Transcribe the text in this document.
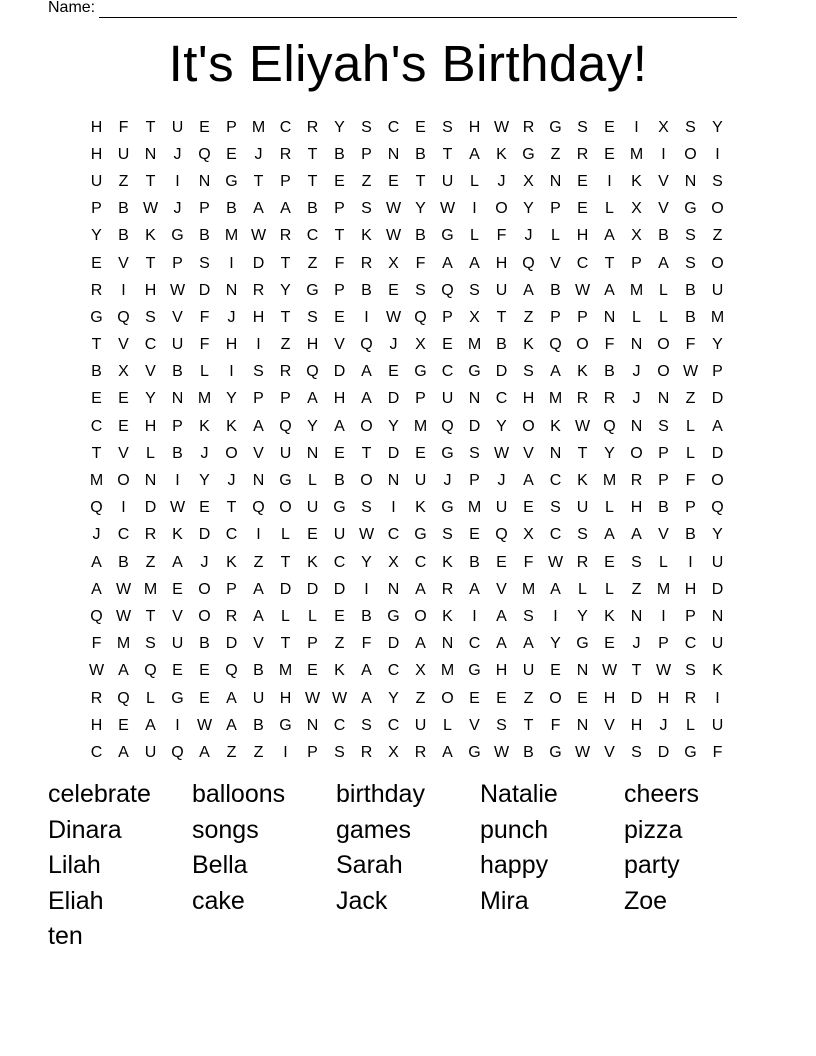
Name:
It's Eliyah's Birthday!
H	F	T	U E	P M C R Y	S C E	S H W R G S	E	I	X	S	Y
H U N	J	Q E	J	R	T	B	P N B	T	A	K G Z	R E M	I	O	I
U	Z	T	I	N G T	P	T	E	Z	E	T	U	L	J	X N E	I	K	V N S
P	B W J	P	B	A	A	B	P	S W Y W	I	O Y	P	E	L	X	V G O
Y	B	K G B M W R C	T	K W B G	L	F	J	L	H A	X	B	S	Z
E	V	T	P	S	I	D	T	Z	F	R X	F	A	A H Q V C	T	P	A	S O
R	I	H W D N R Y G P	B	E	S Q S U A	B W A M L	B U
G Q S	V	F	J	H	T	S	E	I	W Q P	X	T	Z	P	P N	L	L	B M
T	V C U	F	H	I	Z	H V Q	J	X	E M B	K Q O F	N O F	Y
B	X	V	B	L	I	S R Q D A	E G C G D S	A	K	B	J	O W P
E	E	Y N M Y	P	P	A H A D P U N C H M R R	J	N	Z	D
C E H P	K	K	A Q Y	A O Y M Q D Y O K W Q N S	L	A
T	V	L	B	J	O V U N E	T	D E G S W V N	T	Y O P	L	D
M O N	I	Y	J	N G	L	B O N U	J	P	J	A C K M R P	F O
Q	I	D W E	T Q O U G S	I	K G M U E	S U	L	H B	P Q
J	C R K D C	I	L	E U W C G S	E Q X C S	A	A	V	B	Y
A	B	Z	A	J	K	Z	T	K C Y	X C K	B	E	F W R E	S	L	I	U
A W M E O P	A D D D	I	N A R A	V M A	L	L	Z M H D
Q W T	V O R A	L	L	E	B G O K	I	A	S	I	Y	K N	I	P N
F M S U B D V	T	P	Z	F	D A N C A	A	Y G E	J	P C U
W A Q E	E Q B M E	K	A C X M G H U E N W T W S	K
R Q	L	G E	A U H W W A	Y	Z O E	E	Z O E H D H R	I
H E	A	I	W A	B G N C S C U	L	V	S	T	F	N V H	J	L	U
C A U Q A	Z	Z	I	P	S R X R A G W B G W V	S D G F
celebrate	balloons	birthday	Natalie	cheers
Dinara	songs	games	punch	pizza
Lilah	Bella	Sarah	happy	party
Eliah	cake	Jack	Mira	Zoe
ten
